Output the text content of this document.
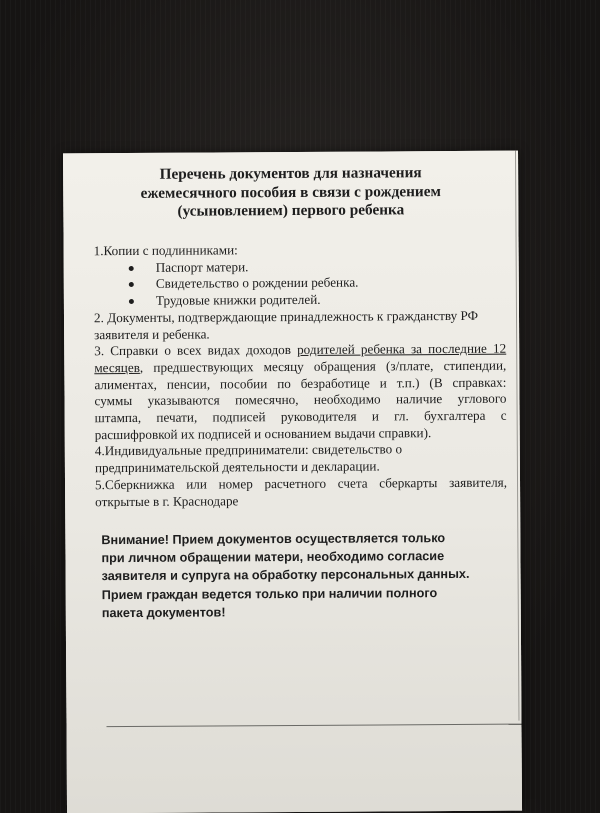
Перечень документов для назначения
ежемесячного пособия в связи с рождением
(усыновлением) первого ребенка
1.Копии с подлинниками:
Паспорт матери.
Свидетельство о рождении ребенка.
Трудовые книжки родителей.
2. Документы, подтверждающие принадлежность к гражданству РФ
заявителя и ребенка.
3. Справки о всех видах доходов родителей ребенка за последние 12
месяцев, предшествующих месяцу обращения (з/плате, стипендии,
алиментах, пенсии, пособии по безработице и т.п.) (В справках:
суммы указываются помесячно, необходимо наличие углового
штампа, печати, подписей руководителя и гл. бухгалтера с
расшифровкой их подписей и основанием выдачи справки).
4.Индивидуальные предприниматели: свидетельство о
предпринимательской деятельности и декларации.
5.Сберкнижка или номер расчетного счета сберкарты заявителя,
открытые в г. Краснодаре
Внимание! Прием документов осуществляется только
при личном обращении матери, необходимо согласие
заявителя и супруга на обработку персональных данных.
Прием граждан ведется только при наличии полного
пакета документов!
